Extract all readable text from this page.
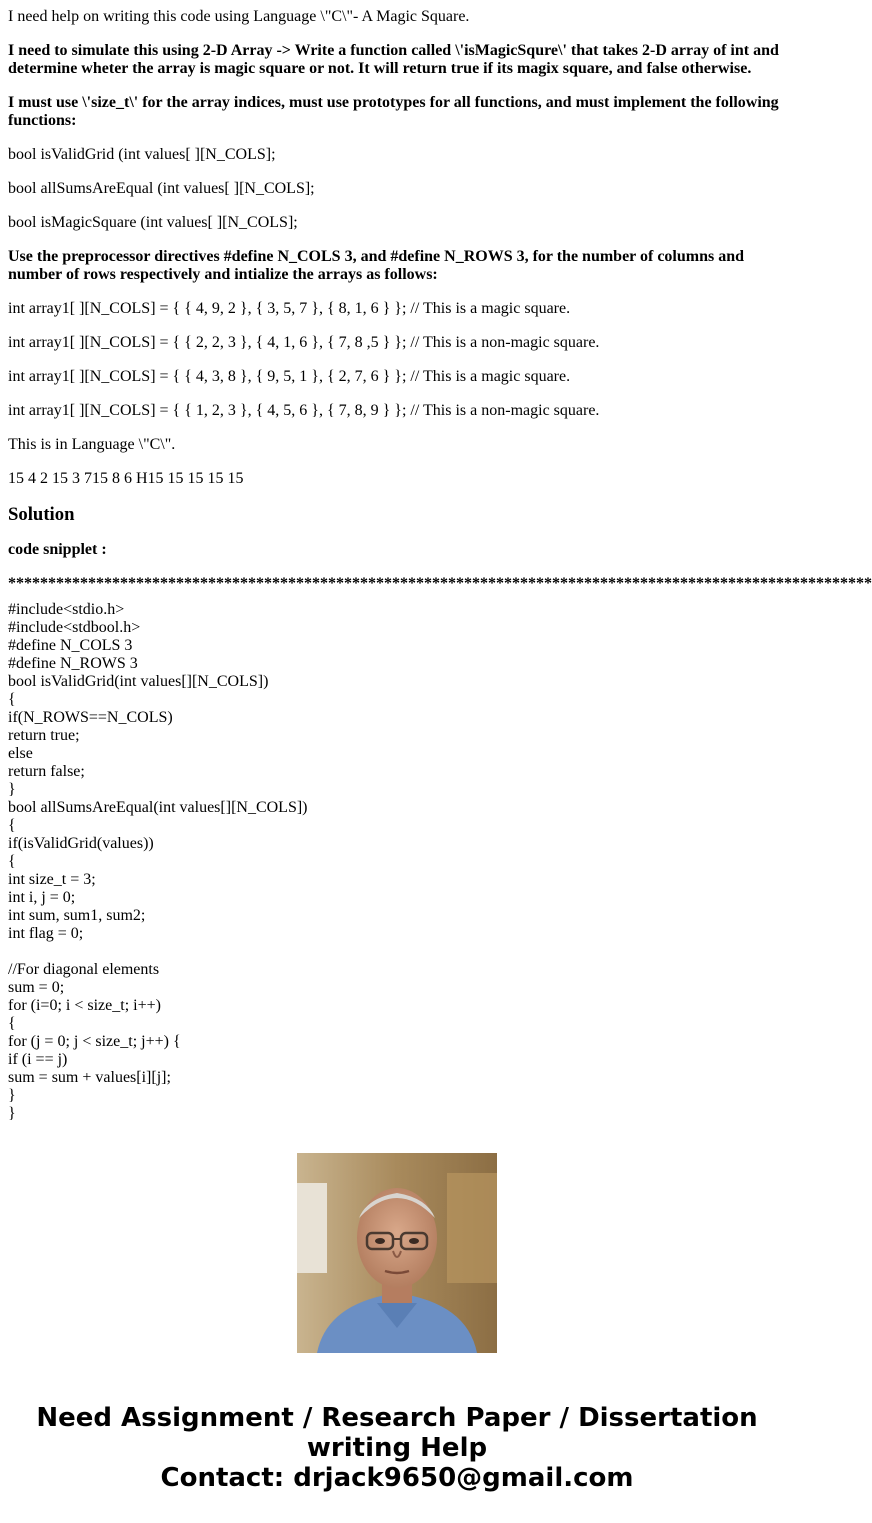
I need help on writing this code using Language \"C\"- A Magic Square.
I need to simulate this using 2-D Array -> Write a function called \'isMagicSqure\' that takes 2-D array of int and determine wheter the array is magic square or not. It will return true if its magix square, and false otherwise.
I must use \'size_t\' for the array indices, must use prototypes for all functions, and must implement the following functions:
bool isValidGrid (int values[ ][N_COLS];
bool allSumsAreEqual (int values[ ][N_COLS];
bool isMagicSquare (int values[ ][N_COLS];
Use the preprocessor directives #define N_COLS 3, and #define N_ROWS 3, for the number of columns and number of rows respectively and intialize the arrays as follows:
int array1[ ][N_COLS] = { { 4, 9, 2 }, { 3, 5, 7 }, { 8, 1, 6 } }; // This is a magic square.
int array1[ ][N_COLS] = { { 2, 2, 3 }, { 4, 1, 6 }, { 7, 8 ,5 } }; // This is a non-magic square.
int array1[ ][N_COLS] = { { 4, 3, 8 }, { 9, 5, 1 }, { 2, 7, 6 } }; // This is a magic square.
int array1[ ][N_COLS] = { { 1, 2, 3 }, { 4, 5, 6 }, { 7, 8, 9 } }; // This is a non-magic square.
This is in Language \"C\".
15 4 2 15 3 715 8 6 H15 15 15 15 15
Solution
code snipplet :
************************************************************************************************************
#include<stdio.h>
#include<stdbool.h>
#define N_COLS 3
#define N_ROWS 3
bool isValidGrid(int values[][N_COLS])
{
if(N_ROWS==N_COLS)
return true;
else
return false;
}
bool allSumsAreEqual(int values[][N_COLS])
{
if(isValidGrid(values))
{
int size_t = 3;
int i, j = 0;
int sum, sum1, sum2;
int flag = 0;
//For diagonal elements
sum = 0;
for (i=0; i < size_t; i++)
{
for (j = 0; j < size_t; j++) {
if (i == j)
sum = sum + values[i][j];
}
}
Need Assignment / Research Paper / Dissertation
writing Help
Contact: drjack9650@gmail.com
